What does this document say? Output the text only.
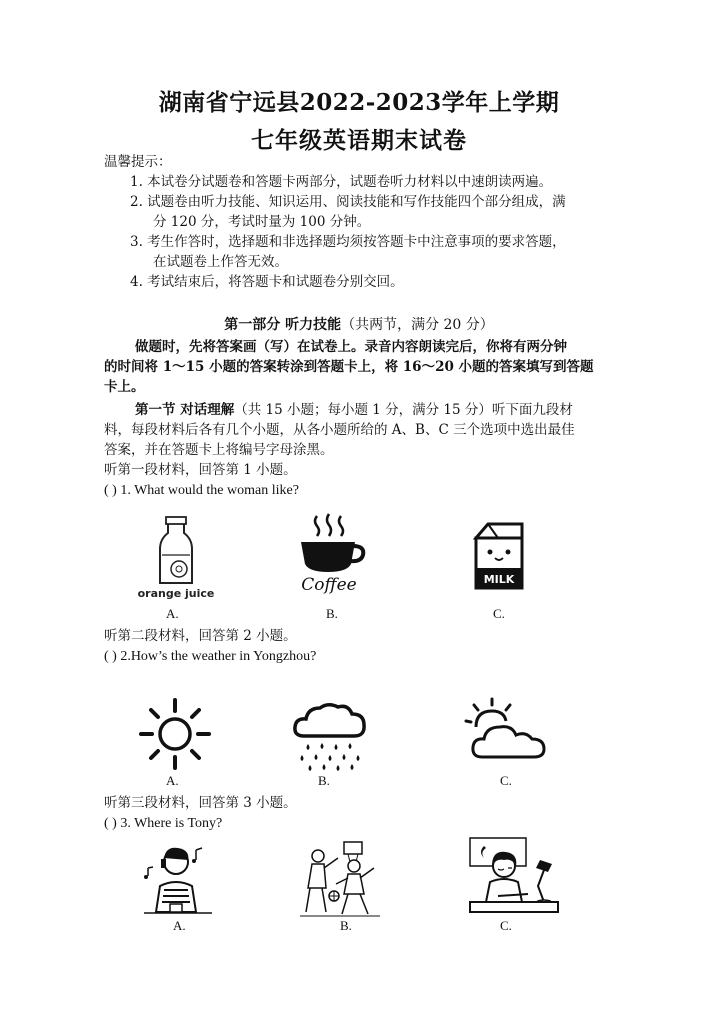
湖南省宁远县2022-2023学年上学期
七年级英语期末试卷
温馨提示：
1. 本试卷分试题卷和答题卡两部分，试题卷听力材料以中速朗读两遍。
2. 试题卷由听力技能、知识运用、阅读技能和写作技能四个部分组成，满
分 120 分，考试时量为 100 分钟。
3. 考生作答时，选择题和非选择题均须按答题卡中注意事项的要求答题，
在试题卷上作答无效。
4. 考试结束后，将答题卡和试题卷分别交回。
第一部分 听力技能（共两节，满分 20 分）
做题时，先将答案画（写）在试卷上。录音内容朗读完后，你将有两分钟
的时间将 1～15 小题的答案转涂到答题卡上，将 16～20 小题的答案填写到答题
卡上。
第一节 对话理解（共 15 小题；每小题 1 分，满分 15 分）听下面九段材
料，每段材料后各有几个小题，从各小题所给的 A、B、C 三个选项中选出最佳
答案，并在答题卡上将编号字母涂黑。
听第一段材料，回答第 1 小题。
( ) 1. What would the woman like?
orange juice	Coffee	MILK
A.	B.	C.
听第二段材料，回答第 2 小题。
( ) 2.How’s the weather in Yongzhou?
A.	B.	C.
听第三段材料，回答第 3 小题。
( ) 3. Where is Tony?
A.	B.	C.
